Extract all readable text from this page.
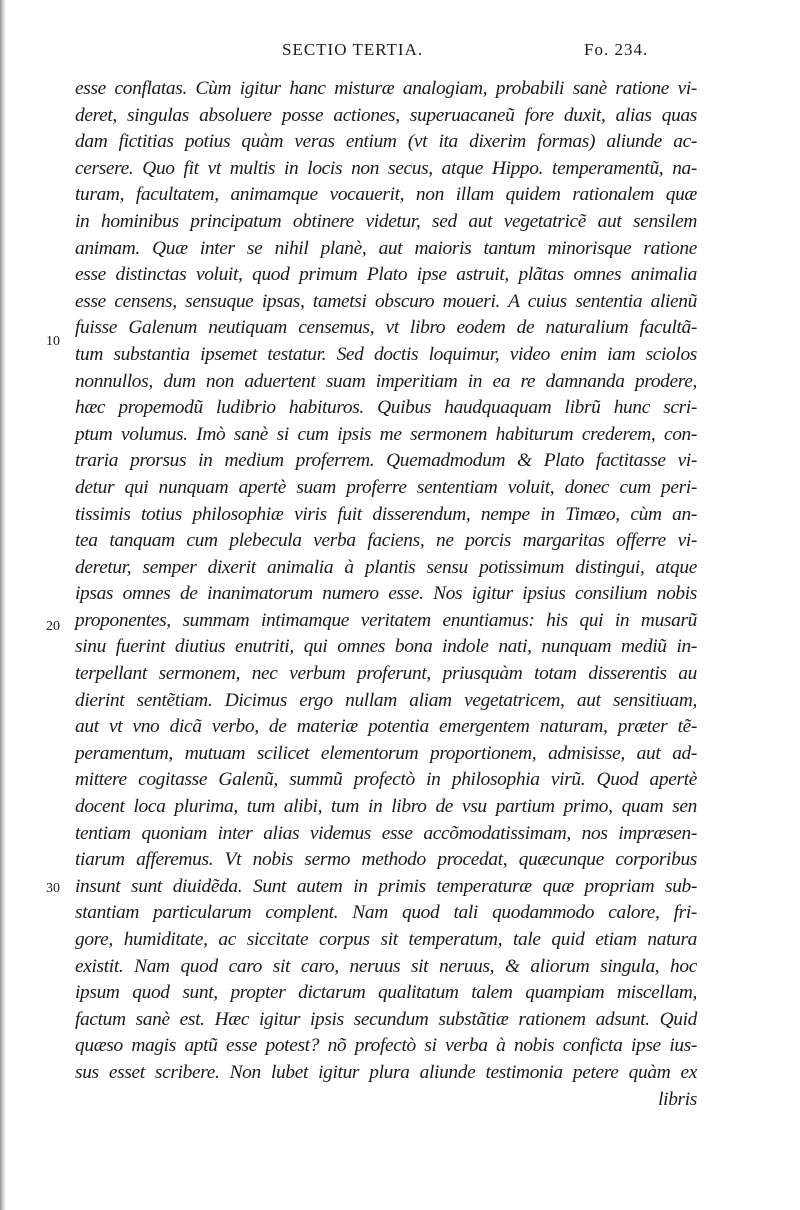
SECTIO TERTIA.	Fo. 234.
10
20
30
esse conflatas. Cùm igitur hanc misturæ analogiam, probabili sanè ratione vi-
deret, singulas absoluere posse actiones, superuacaneũ fore duxit, alias quas
dam fictitias potius quàm veras entium (vt ita dixerim formas) aliunde ac-
cersere. Quo fit vt multis in locis non secus, atque Hippo. temperamentũ, na-
turam, facultatem, animamque vocauerit, non illam quidem rationalem quæ
in hominibus principatum obtinere videtur, sed aut vegetatricẽ aut sensilem
animam. Quæ inter se nihil planè, aut maioris tantum minorisque ratione
esse distinctas voluit, quod primum Plato ipse astruit, plãtas omnes animalia
esse censens, sensuque ipsas, tametsi obscuro moueri. A cuius sententia alienũ
fuisse Galenum neutiquam censemus, vt libro eodem de naturalium facultã-
tum substantia ipsemet testatur. Sed doctis loquimur, video enim iam sciolos
nonnullos, dum non aduertent suam imperitiam in ea re damnanda prodere,
hæc propemodũ ludibrio habituros. Quibus haudquaquam librũ hunc scri-
ptum volumus. Imò sanè si cum ipsis me sermonem habiturum crederem, con-
traria prorsus in medium proferrem. Quemadmodum & Plato factitasse vi-
detur qui nunquam apertè suam proferre sententiam voluit, donec cum peri-
tissimis totius philosophiæ viris fuit disserendum, nempe in Timæo, cùm an-
tea tanquam cum plebecula verba faciens, ne porcis margaritas offerre vi-
deretur, semper dixerit animalia à plantis sensu potissimum distingui, atque
ipsas omnes de inanimatorum numero esse. Nos igitur ipsius consilium nobis
proponentes, summam intimamque veritatem enuntiamus: his qui in musarũ
sinu fuerint diutius enutriti, qui omnes bona indole nati, nunquam mediũ in-
terpellant sermonem, nec verbum proferunt, priusquàm totam disserentis au
dierint sentẽtiam. Dicimus ergo nullam aliam vegetatricem, aut sensitiuam,
aut vt vno dicã verbo, de materiæ potentia emergentem naturam, præter tẽ-
peramentum, mutuam scilicet elementorum proportionem, admisisse, aut ad-
mittere cogitasse Galenũ, summũ profectò in philosophia virũ. Quod apertè
docent loca plurima, tum alibi, tum in libro de vsu partium primo, quam sen
tentiam quoniam inter alias videmus esse accõmodatissimam, nos impræsen-
tiarum afferemus. Vt nobis sermo methodo procedat, quæcunque corporibus
insunt sunt diuidẽda. Sunt autem in primis temperaturæ quæ propriam sub-
stantiam particularum complent. Nam quod tali quodammodo calore, fri-
gore, humiditate, ac siccitate corpus sit temperatum, tale quid etiam natura
existit. Nam quod caro sit caro, neruus sit neruus, & aliorum singula, hoc
ipsum quod sunt, propter dictarum qualitatum talem quampiam miscellam,
factum sanè est. Hæc igitur ipsis secundum substãtiæ rationem adsunt. Quid
quæso magis aptũ esse potest? nõ profectò si verba à nobis conficta ipse ius-
sus esset scribere. Non lubet igitur plura aliunde testimonia petere quàm ex
libris
